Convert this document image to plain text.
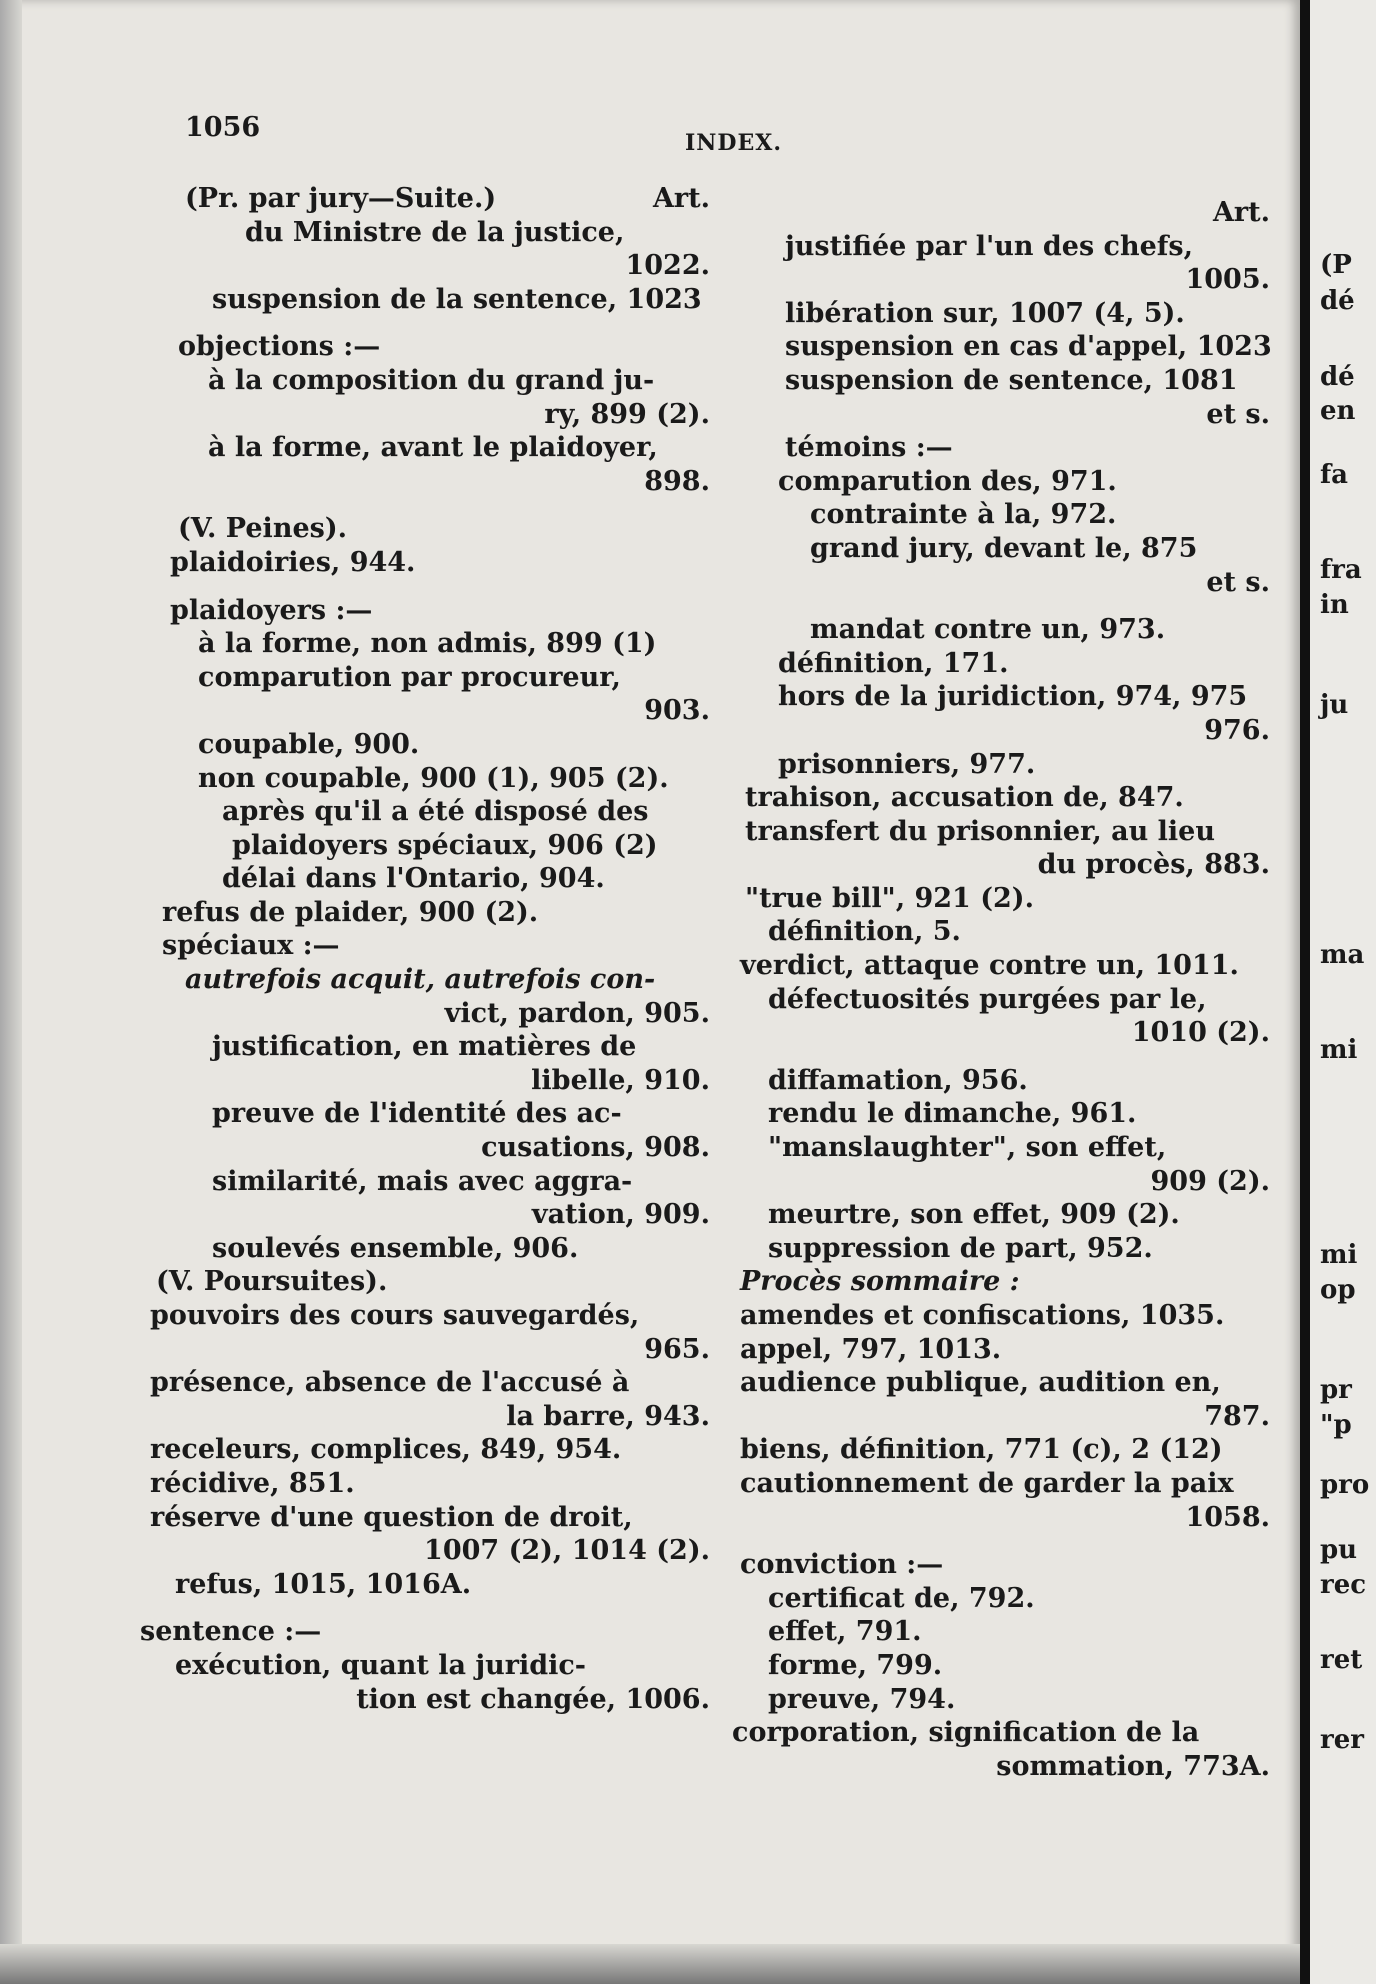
1056	INDEX.
(Pr. par jury—Suite.)	Art.
du Ministre de la justice,
1022.
suspension de la sentence, 1023
objections :—
à la composition du grand ju-
ry, 899 (2).
à la forme, avant le plaidoyer,
898.
(V. Peines).
plaidoiries, 944.
plaidoyers :—
à la forme, non admis, 899 (1)
comparution par procureur,
903.
coupable, 900.
non coupable, 900 (1), 905 (2).
après qu'il a été disposé des
plaidoyers spéciaux, 906 (2)
délai dans l'Ontario, 904.
refus de plaider, 900 (2).
spéciaux :—
autrefois acquit, autrefois con-
vict, pardon, 905.
justification, en matières de
libelle, 910.
preuve de l'identité des ac-
cusations, 908.
similarité, mais avec aggra-
vation, 909.
soulevés ensemble, 906.
(V. Poursuites).
pouvoirs des cours sauvegardés,
965.
présence, absence de l'accusé à
la barre, 943.
receleurs, complices, 849, 954.
récidive, 851.
réserve d'une question de droit,
1007 (2), 1014 (2).
refus, 1015, 1016A.
sentence :—
exécution, quant la juridic-
tion est changée, 1006.
Art.
justifiée par l'un des chefs,
1005.
libération sur, 1007 (4, 5).
suspension en cas d'appel, 1023
suspension de sentence, 1081
et s.
témoins :—
comparution des, 971.
contrainte à la, 972.
grand jury, devant le, 875
et s.
mandat contre un, 973.
définition, 171.
hors de la juridiction, 974, 975
976.
prisonniers, 977.
trahison, accusation de, 847.
transfert du prisonnier, au lieu
du procès, 883.
"true bill", 921 (2).
définition, 5.
verdict, attaque contre un, 1011.
défectuosités purgées par le,
1010 (2).
diffamation, 956.
rendu le dimanche, 961.
"manslaughter", son effet,
909 (2).
meurtre, son effet, 909 (2).
suppression de part, 952.
Procès sommaire :
amendes et confiscations, 1035.
appel, 797, 1013.
audience publique, audition en,
787.
biens, définition, 771 (c), 2 (12)
cautionnement de garder la paix
1058.
conviction :—
certificat de, 792.
effet, 791.
forme, 799.
preuve, 794.
corporation, signification de la
sommation, 773A.
(P
dé
dé
en
fa
fra
in
ju
ma
mi
mi
op
pr
"p
pro
pu
rec
ret
rer
